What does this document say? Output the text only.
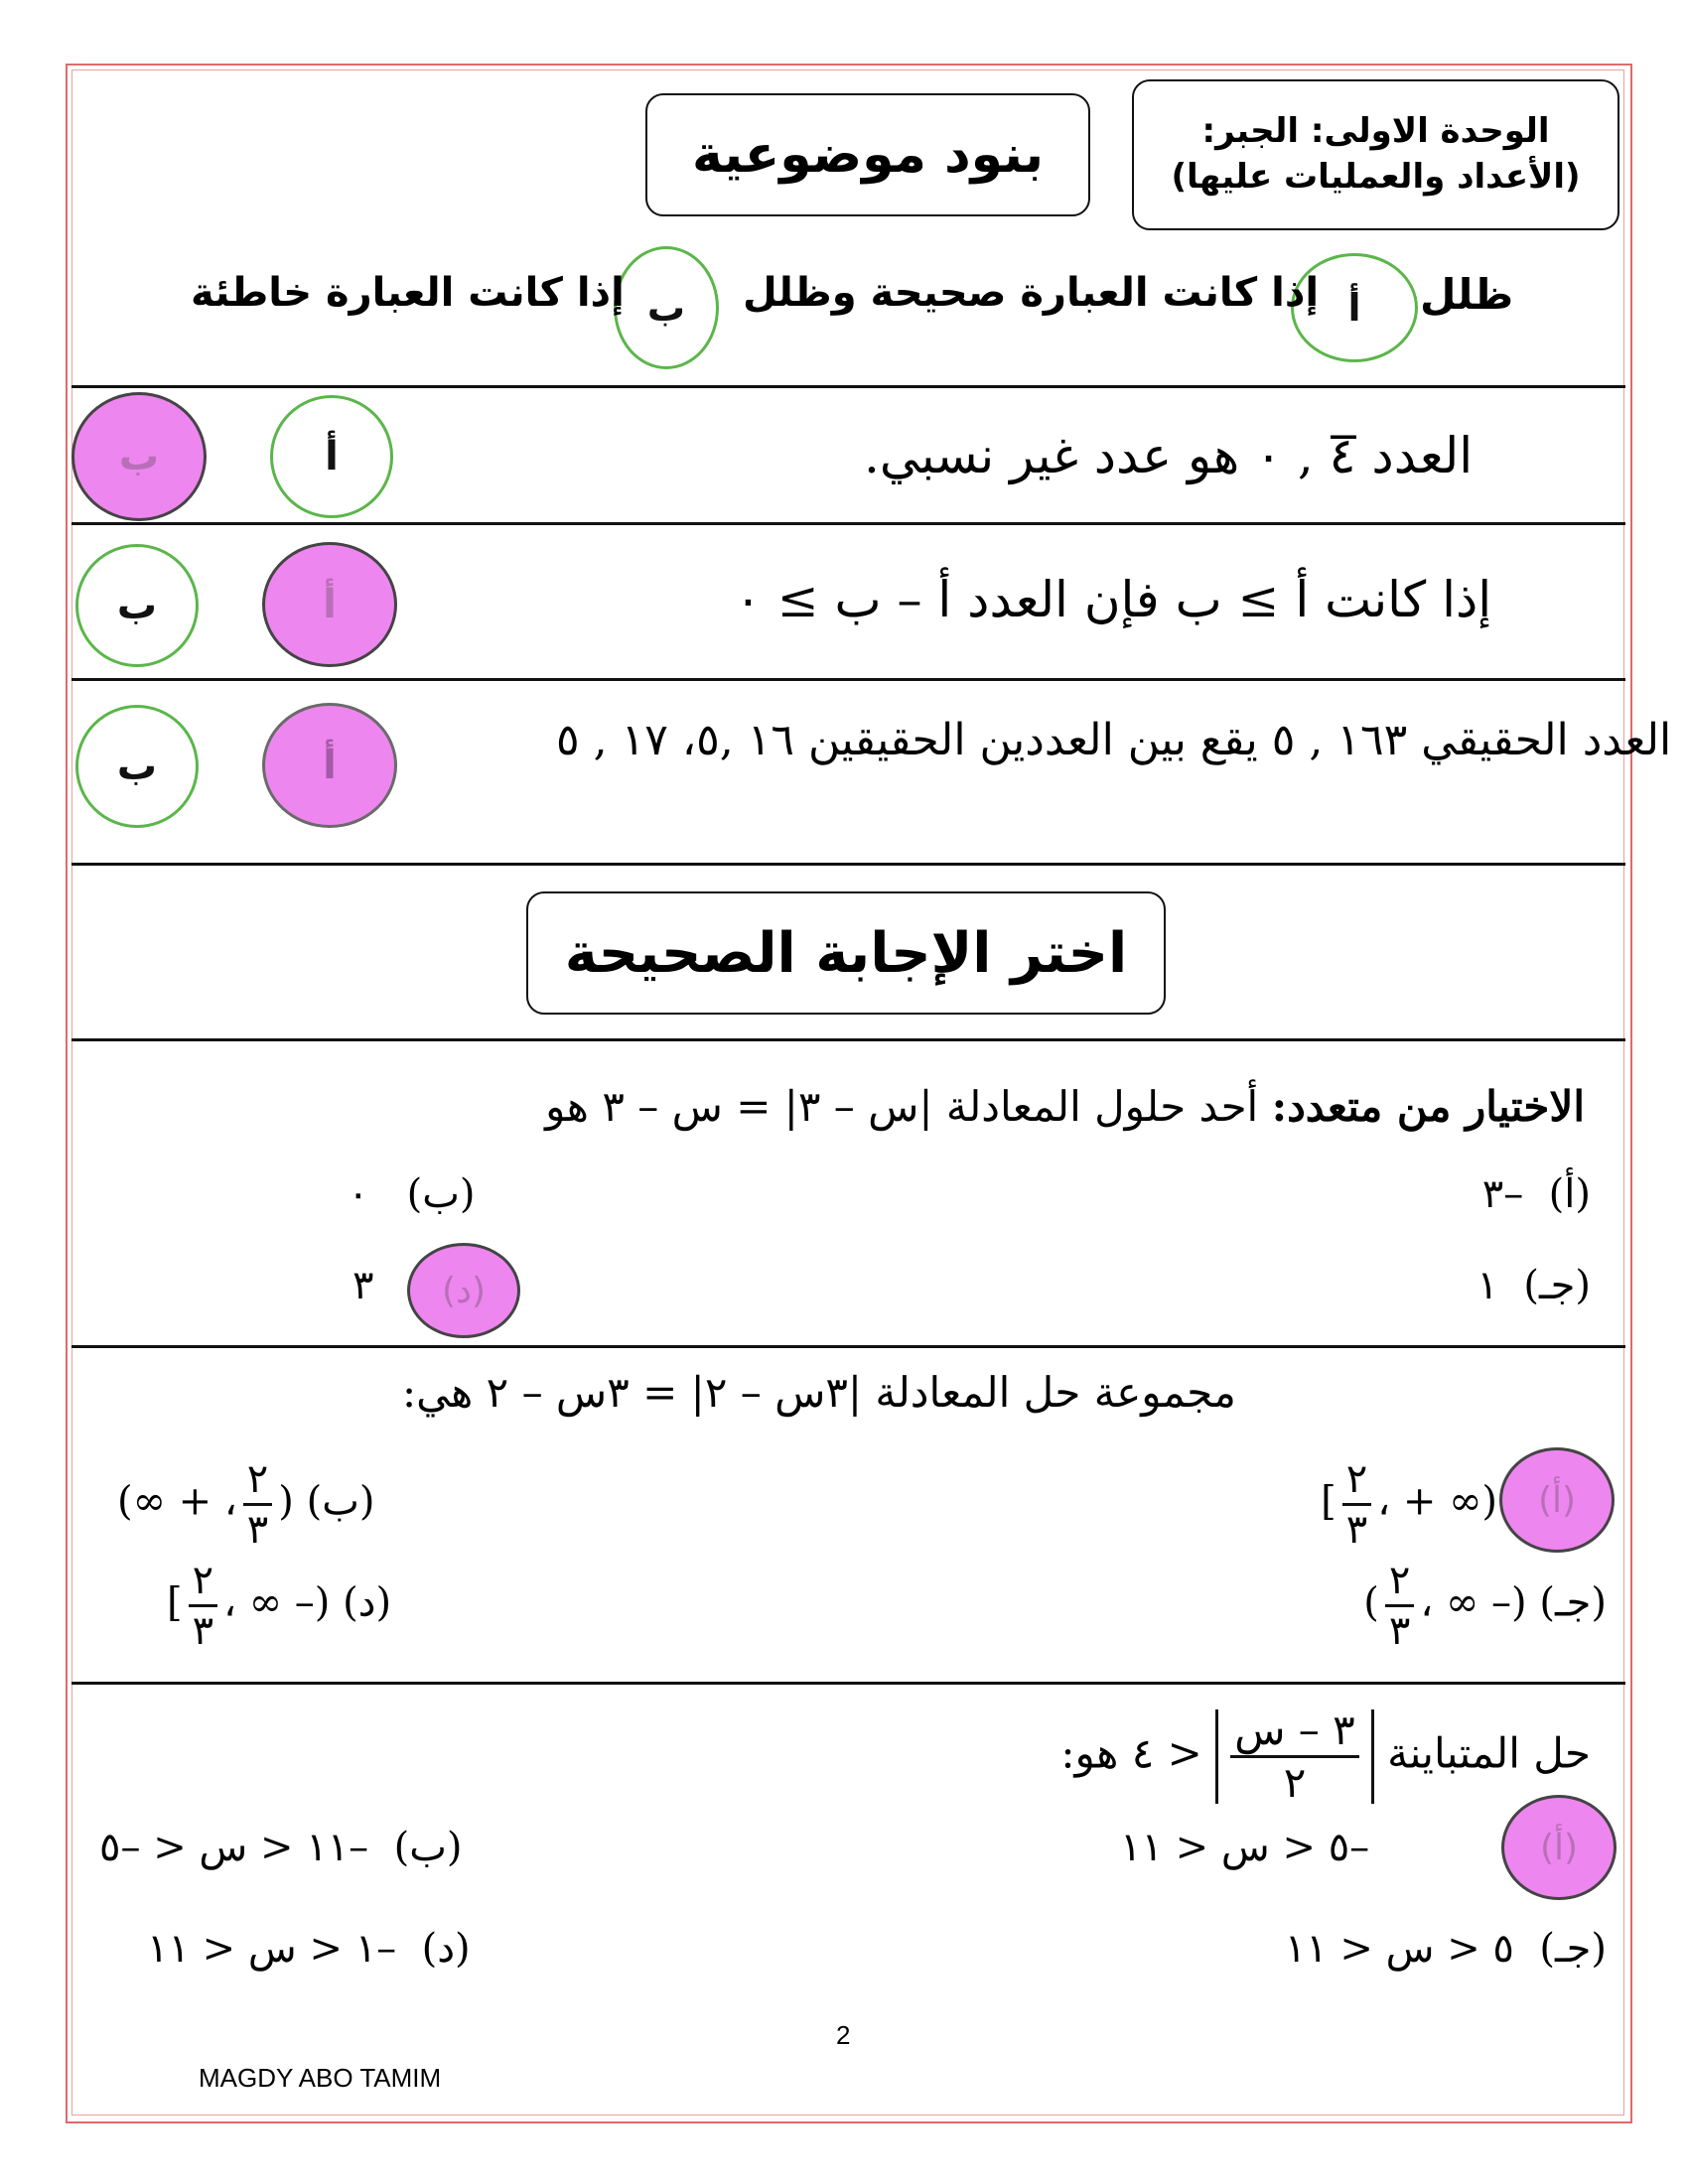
الوحدة الاولى: الجبر:
(الأعداد والعمليات عليها)
بنود موضوعية
ظلل
أ
إذا كانت العبارة صحيحة وظلل
ب
إذا كانت العبارة خاطئة
العدد ٤̅ , ٠ هو عدد غير نسبي.
أ
ب
إذا كانت أ ≥ ب فإن العدد أ – ب ≥ ٠
أ
ب
العدد الحقيقي ١٦٣ , ٥ يقع بين العددين الحقيقين ١٦ ,٥، ١٧ , ٥
أ
ب
اختر الإجابة الصحيحة
الاختيار من متعدد: أحد حلول المعادلة |س – ٣| = س – ٣ هو
(أ)  –٣
(ب)   ٠
(جـ)  ١
(د)
٣
مجموعة حل المعادلة |٣س – ٢| = ٣س – ٢ هي:
(أ)
[ $\frac{٢}{٣}$ ، + ∞)
(ب) (
$\frac{٢}{٣}$
، + ∞)
(جـ) (– ∞ ،
$\frac{٢}{٣}$
)
(د) (– ∞ ،
$\frac{٢}{٣}$
]
حل المتباينة
$\frac{\text{٣ – س}}{٢}$
< ٤ هو:
(أ)
–٥ < س < ١١
(ب)  –١١ < س < –٥
(جـ)  ٥ < س < ١١
(د)  –١ < س < ١١
2
MAGDY ABO TAMIM
